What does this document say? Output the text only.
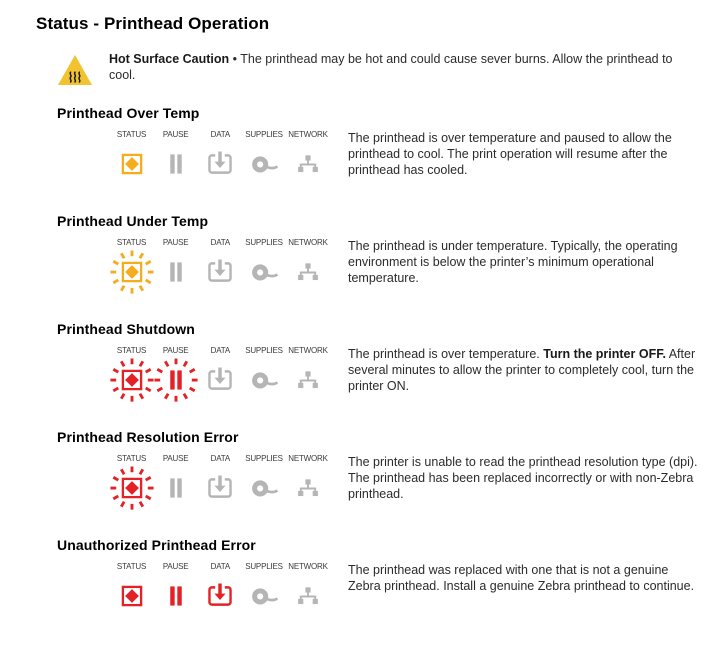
Status - Printhead Operation

Hot Surface Caution • The printhead may be hot and could cause sever burns. Allow the printhead to cool.

Printhead Over Temp
STATUS PAUSE	DATA SUPPLIES NETWORK The printhead is over temperature and paused to allow the printhead to cool. The print operation will resume after the printhead has cooled.

Printhead Under Temp
STATUS PAUSE	DATA SUPPLIES NETWORK The printhead is under temperature. Typically, the operating environment is below the printer’s minimum operational temperature.

Printhead Shutdown
STATUS PAUSE	DATA SUPPLIES NETWORK The printhead is over temperature. Turn the printer OFF. After several minutes to allow the printer to completely cool, turn the printer ON.

Printhead Resolution Error
STATUS PAUSE	DATA SUPPLIES NETWORK The printer is unable to read the printhead resolution type (dpi). The printhead has been replaced incorrectly or with non-Zebra printhead.

Unauthorized Printhead Error
STATUS PAUSE	DATA SUPPLIES NETWORK The printhead was replaced with one that is not a genuine Zebra printhead. Install a genuine Zebra printhead to continue.
